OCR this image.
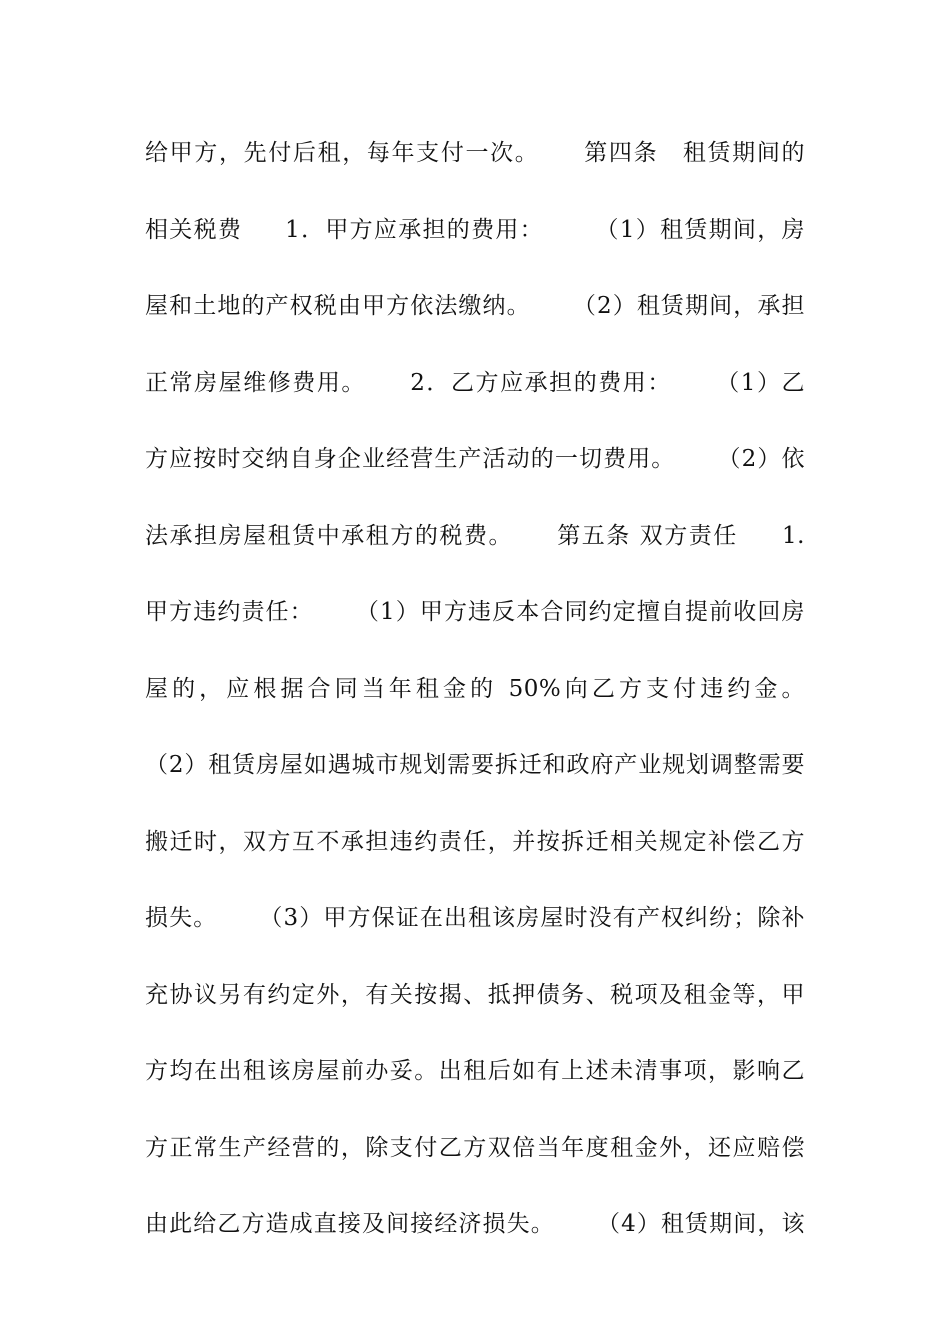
给甲方，先付后租，每年支付一次。     第四条　租赁期间的
相关税费     1．甲方应承担的费用：      （1）租赁期间，房
屋和土地的产权税由甲方依法缴纳。     （2）租赁期间，承担
正常房屋维修费用。     2．乙方应承担的费用：     （1）乙
方应按时交纳自身企业经营生产活动的一切费用。     （2）依
法承担房屋租赁中承租方的税费。     第五条 双方责任     1.
甲方违约责任：     （1）甲方违反本合同约定擅自提前收回房
屋的，应根据合同当年租金的 50%向乙方支付违约金。
（2）租赁房屋如遇城市规划需要拆迁和政府产业规划调整需要
搬迁时，双方互不承担违约责任，并按拆迁相关规定补偿乙方
损失。     （3）甲方保证在出租该房屋时没有产权纠纷；除补
充协议另有约定外，有关按揭、抵押债务、税项及租金等，甲
方均在出租该房屋前办妥。出租后如有上述未清事项，影响乙
方正常生产经营的，除支付乙方双倍当年度租金外，还应赔偿
由此给乙方造成直接及间接经济损失。     （4）租赁期间，该
